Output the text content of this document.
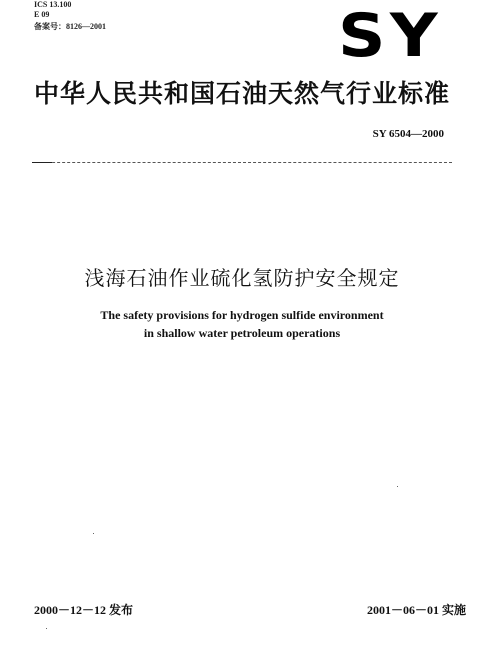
ICS 13.100
E 09
备案号：8126—2001	SY
中华人民共和国石油天然气行业标准
SY 6504—2000
浅海石油作业硫化氢防护安全规定
The safety provisions for hydrogen sulfide environment
in shallow water petroleum operations
2000－12－12 发布	2001－06－01 实施
